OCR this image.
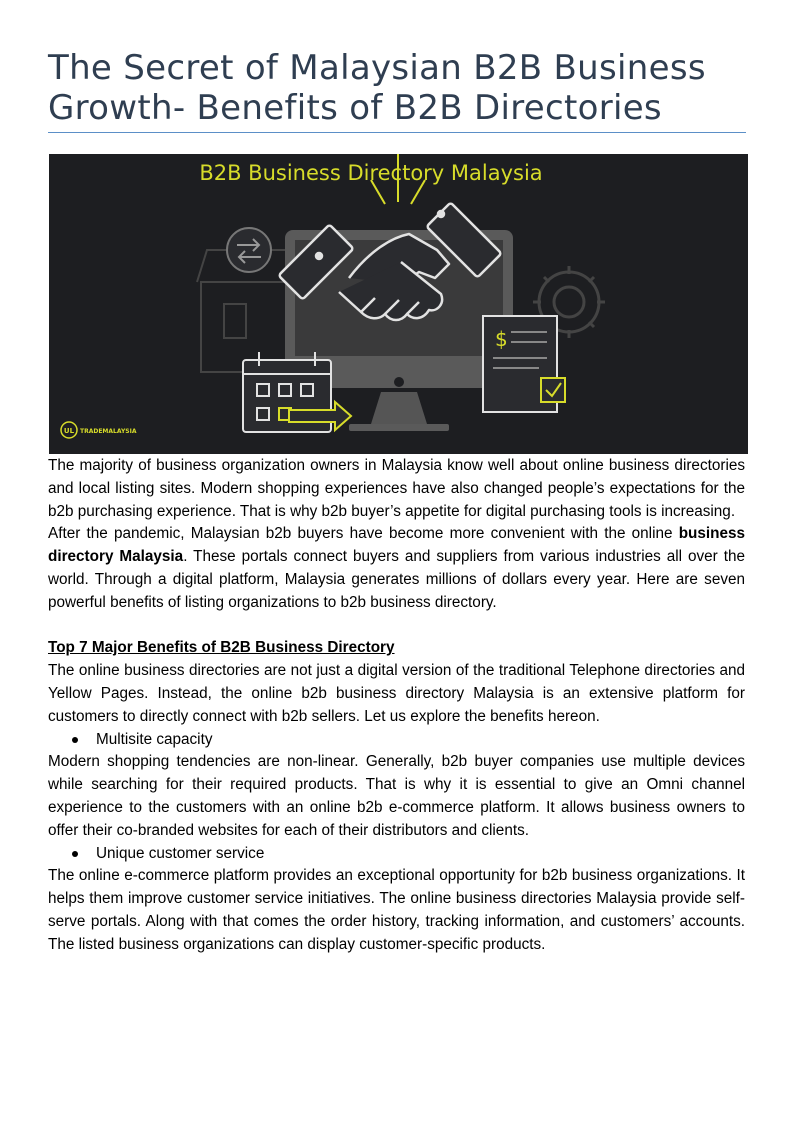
The Secret of Malaysian B2B Business Growth- Benefits of B2B Directories
B2B Business Directory Malaysia
$
UL TRADEMALAYSIA

The majority of business organization owners in Malaysia know well about online business directories and local listing sites. Modern shopping experiences have also changed people’s expectations for the b2b purchasing experience. That is why b2b buyer’s appetite for digital purchasing tools is increasing.

After the pandemic, Malaysian b2b buyers have become more convenient with the online business directory Malaysia. These portals connect buyers and suppliers from various industries all over the world. Through a digital platform, Malaysia generates millions of dollars every year. Here are seven powerful benefits of listing organizations to b2b business directory.

Top 7 Major Benefits of B2B Business Directory

The online business directories are not just a digital version of the traditional Telephone directories and Yellow Pages. Instead, the online b2b business directory Malaysia is an extensive platform for customers to directly connect with b2b sellers. Let us explore the benefits hereon.

Multisite capacity

Modern shopping tendencies are non-linear. Generally, b2b buyer companies use multiple devices while searching for their required products. That is why it is essential to give an Omni channel experience to the customers with an online b2b e-commerce platform. It allows business owners to offer their co-branded websites for each of their distributors and clients.

Unique customer service

The online e-commerce platform provides an exceptional opportunity for b2b business organizations. It helps them improve customer service initiatives. The online business directories Malaysia provide self-serve portals. Along with that comes the order history, tracking information, and customers’ accounts. The listed business organizations can display customer-specific products.
